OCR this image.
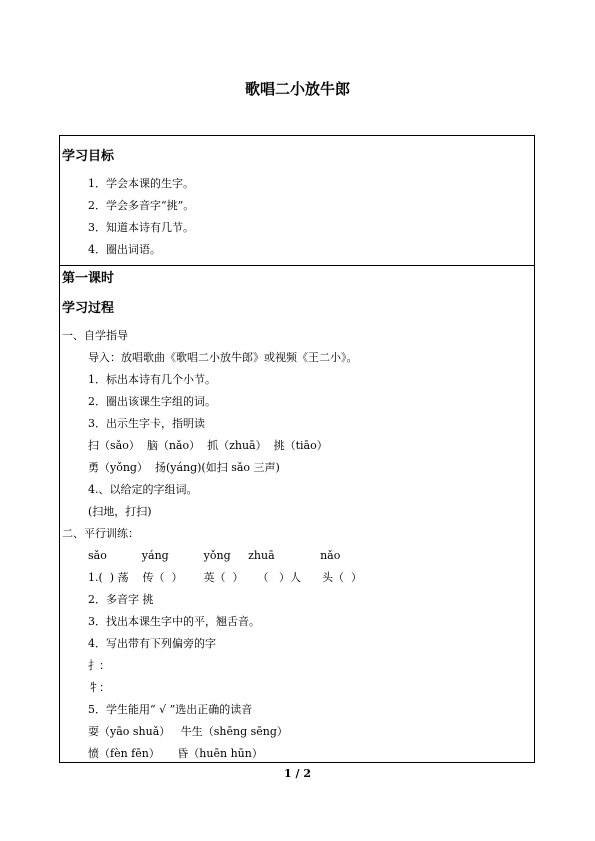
歌唱二小放牛郎
学习目标
1．学会本课的生字。
2．学会多音字“挑”。
3．知道本诗有几节。
4．圈出词语。
第一课时
学习过程
一、自学指导
导入：放唱歌曲《歌唱二小放牛郎》或视频《王二小》。
1．标出本诗有几个小节。
2．圈出该课生字组的词。
3．出示生字卡，指明读
扫（sǎo）  脑（nǎo）  抓（zhuā）  挑（tiāo）
勇（yǒng）  扬(yáng)(如扫 sǎo 三声)
4.、以给定的字组词。
(扫地，打扫)
二、平行训练：
sǎo          yáng          yǒng     zhuā             nǎo
1.(  ) 荡    传（  ）      英（  ）    （   ）人      头（  ）
2．多音字 挑
3．找出本课生字中的平，翘舌音。
4．写出带有下列偏旁的字
扌：
牜：
5．学生能用“ √ ”选出正确的读音
耍（yāo shuǎ）   牛生（shēng sēng）
愤（fèn fēn）     昏（huēn hūn）
1 / 2
